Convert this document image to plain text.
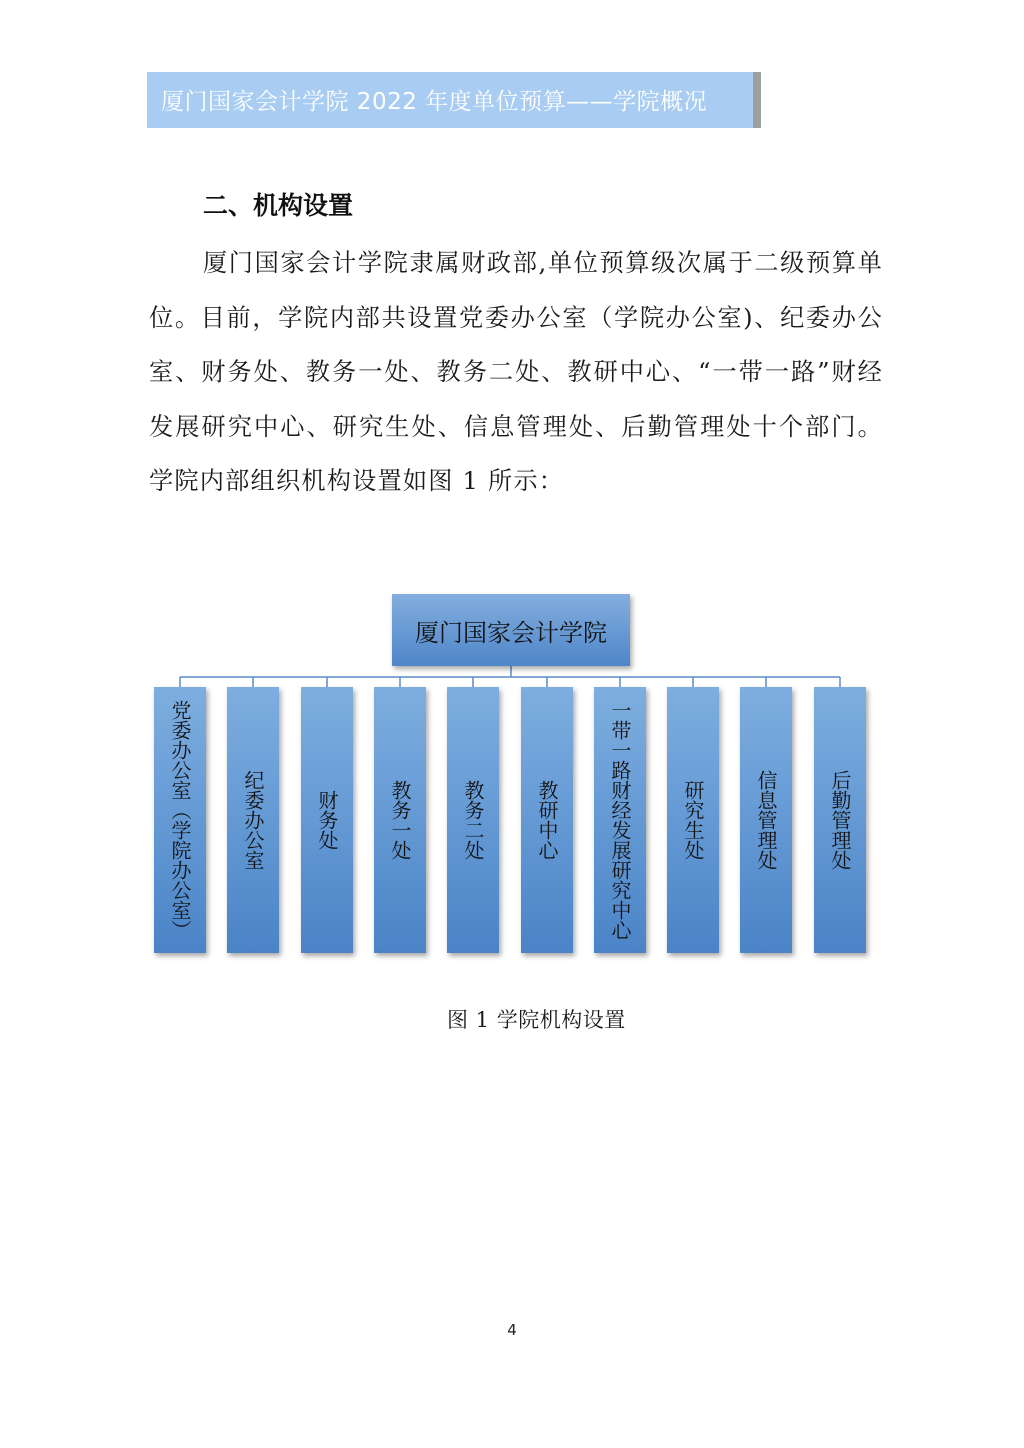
厦门国家会计学院 2022 年度单位预算——学院概况
二、机构设置

厦门国家会计学院隶属财政部,单位预算级次属于二级预算单位。目前，学院内部共设置党委办公室（学院办公室)、纪委办公室、财务处、教务一处、教务二处、教研中心、“一带一路”财经发展研究中心、研究生处、信息管理处、后勤管理处十个部门。学院内部组织机构设置如图 1 所示：

厦门国家会计学院
党委办公室（学院办公室） 纪委办公室	财务处 教务一处 教务二处	教研中心 一带一路财经发展研究中心 研究生处 信息管理处	后勤管理处

图 1 学院机构设置

4
